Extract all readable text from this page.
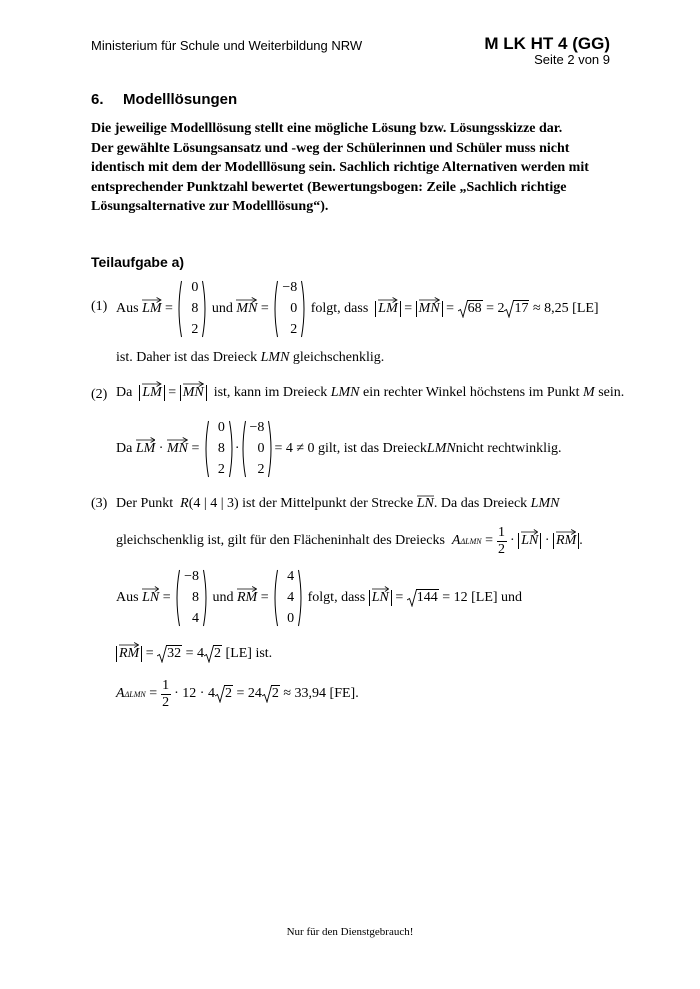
Ministerium für Schule und Weiterbildung NRW	M LK HT 4 (GG)
Seite 2 von 9
6. Modelllösungen
Die jeweilige Modelllösung stellt eine mögliche Lösung bzw. Lösungsskizze dar.
Der gewählte Lösungsansatz und -weg der Schülerinnen und Schüler muss nicht
identisch mit dem der Modelllösung sein. Sachlich richtige Alternativen werden mit
entsprechender Punktzahl bewertet (Bewertungsbogen: Zeile „Sachlich richtige
Lösungsalternative zur Modelllösung“).
Teilaufgabe a)
(1) Aus
LM =
0
8
2

und
MN =
−8
0
2

folgt, dass
LM = MN = 68 = 2 17
≈ 8,25 [LE]
ist. Daher ist das Dreieck LMN gleichschenklig.
(2) Da LM =
MN ist, kann im Dreieck LMN ein rechter Winkel höchstens im Punkt M sein.
Da
LM · MN =
0
8
2
·
−8
0
2
= 4 ≠ 0
gilt, ist das Dreieck LMN nicht rechtwinklig.
(3) Der Punkt  R(4 | 4 | 3) ist der Mittelpunkt der Strecke
LN. Da das Dreieck LMN
gleichschenklig ist, gilt für den Flächeninhalt des Dreiecks
A $\Delta LMN = \frac{1}{2}$ · LN · RM .
Aus
LN =
−8
8
4

und
RM =
4
4
0

folgt, dass
LN = 144
= 12 [LE]
und
RM =
32 = 4 2 [LE] ist.
A $\Delta LMN = \frac{1}{2}$
· 12 · 4 2
= 24 2
≈ 33,94 [FE].
Nur für den Dienstgebrauch!
